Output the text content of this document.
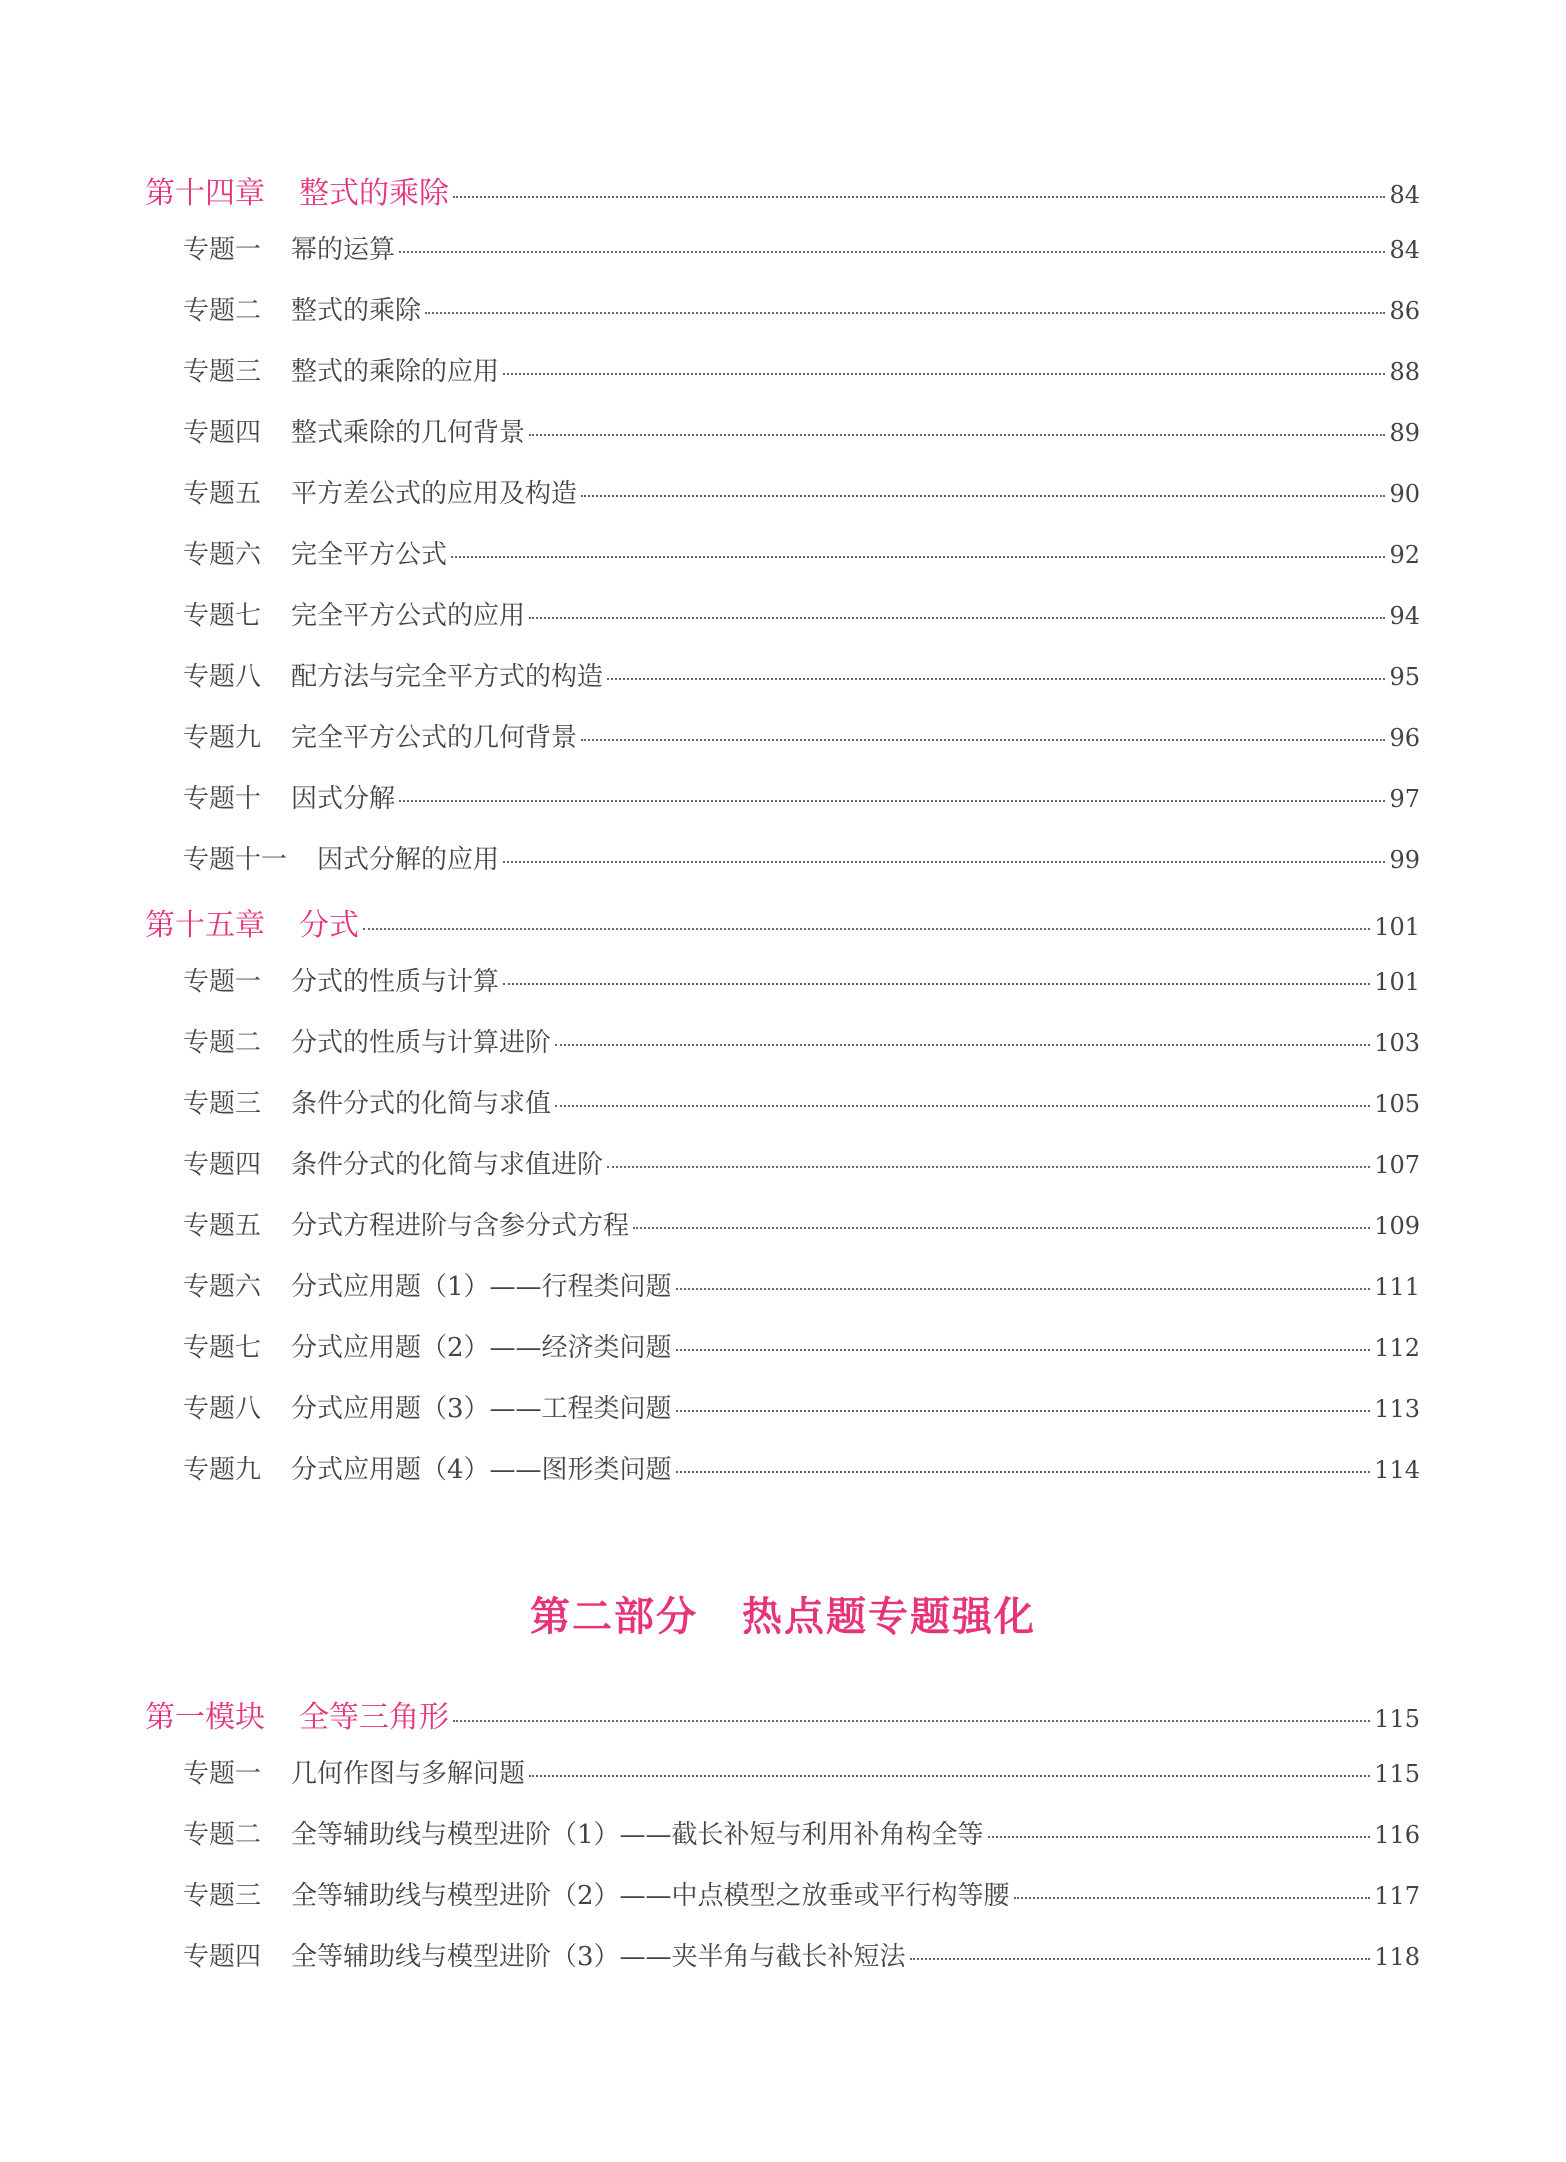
第十四章 整式的乘除	84
专题一 幂的运算	84
专题二 整式的乘除	86
专题三 整式的乘除的应用	88
专题四 整式乘除的几何背景	89
专题五 平方差公式的应用及构造	90
专题六 完全平方公式	92
专题七 完全平方公式的应用	94
专题八 配方法与完全平方式的构造	95
专题九 完全平方公式的几何背景	96
专题十 因式分解	97
专题十一 因式分解的应用	99
第十五章 分式	101
专题一 分式的性质与计算	101
专题二 分式的性质与计算进阶	103
专题三 条件分式的化简与求值	105
专题四 条件分式的化简与求值进阶	107
专题五 分式方程进阶与含参分式方程	109
专题六 分式应用题（1）——行程类问题	111
专题七 分式应用题（2）——经济类问题	112
专题八 分式应用题（3）——工程类问题	113
专题九 分式应用题（4）——图形类问题	114
第二部分 热点题专题强化
第一模块 全等三角形	115
专题一 几何作图与多解问题	115
专题二 全等辅助线与模型进阶（1）——截长补短与利用补角构全等	116
专题三 全等辅助线与模型进阶（2）——中点模型之放垂或平行构等腰	117
专题四 全等辅助线与模型进阶（3）——夹半角与截长补短法	118
